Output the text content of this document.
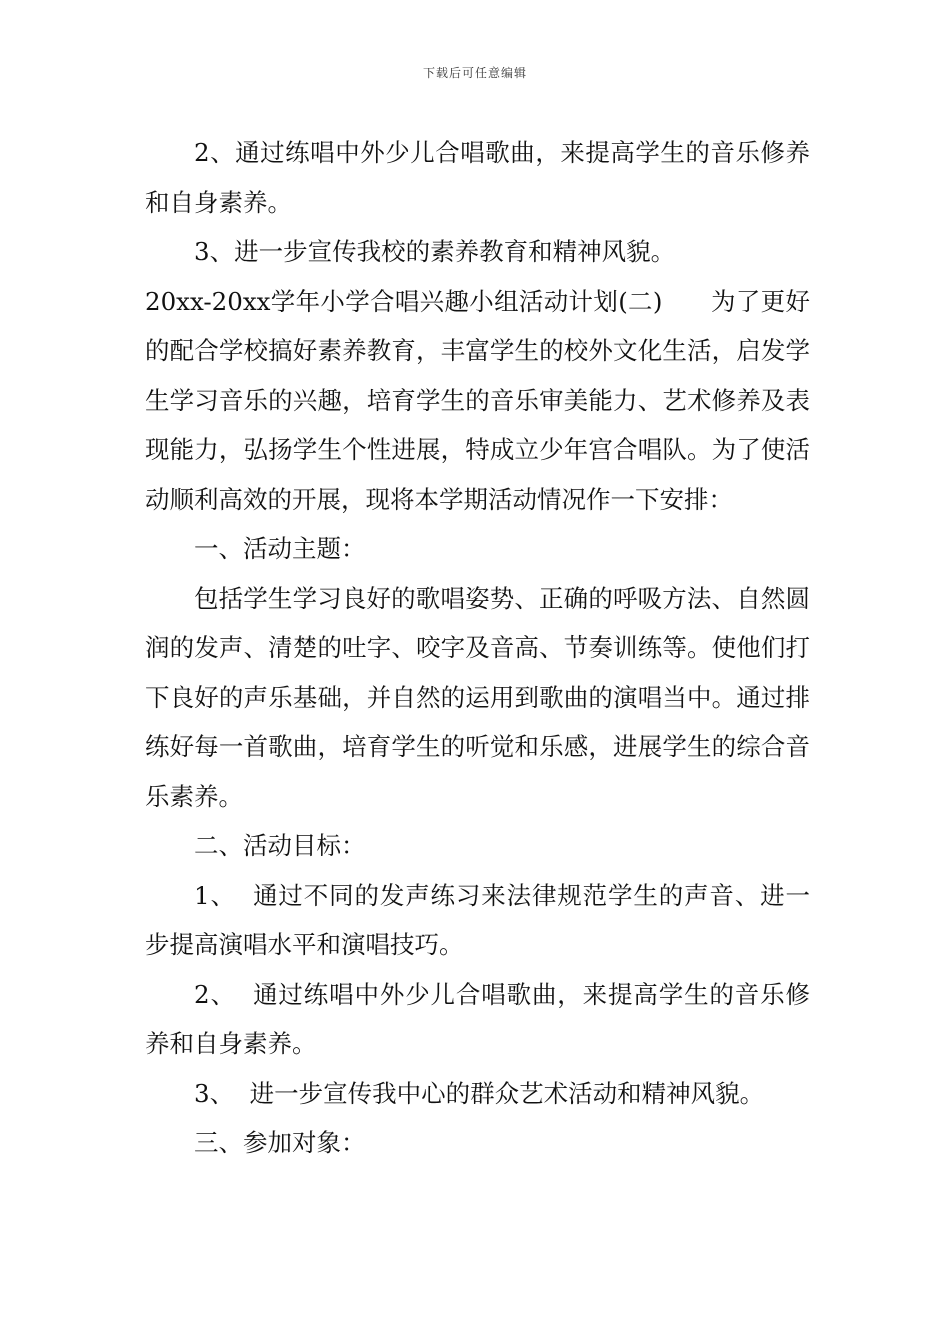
下载后可任意编辑

2、通过练唱中外少儿合唱歌曲，来提高学生的音乐修养和自身素养。

3、进一步宣传我校的素养教育和精神风貌。

20xx-20xx学年小学合唱兴趣小组活动计划(二)      为了更好的配合学校搞好素养教育，丰富学生的校外文化生活，启发学生学习音乐的兴趣，培育学生的音乐审美能力、艺术修养及表现能力，弘扬学生个性进展，特成立少年宫合唱队。为了使活动顺利高效的开展，现将本学期活动情况作一下安排：

一、活动主题：

包括学生学习良好的歌唱姿势、正确的呼吸方法、自然圆润的发声、清楚的吐字、咬字及音高、节奏训练等。使他们打下良好的声乐基础，并自然的运用到歌曲的演唱当中。通过排练好每一首歌曲，培育学生的听觉和乐感，进展学生的综合音乐素养。

二、活动目标：

1、  通过不同的发声练习来法律规范学生的声音、进一步提高演唱水平和演唱技巧。

2、  通过练唱中外少儿合唱歌曲，来提高学生的音乐修养和自身素养。

3、  进一步宣传我中心的群众艺术活动和精神风貌。

三、参加对象：
